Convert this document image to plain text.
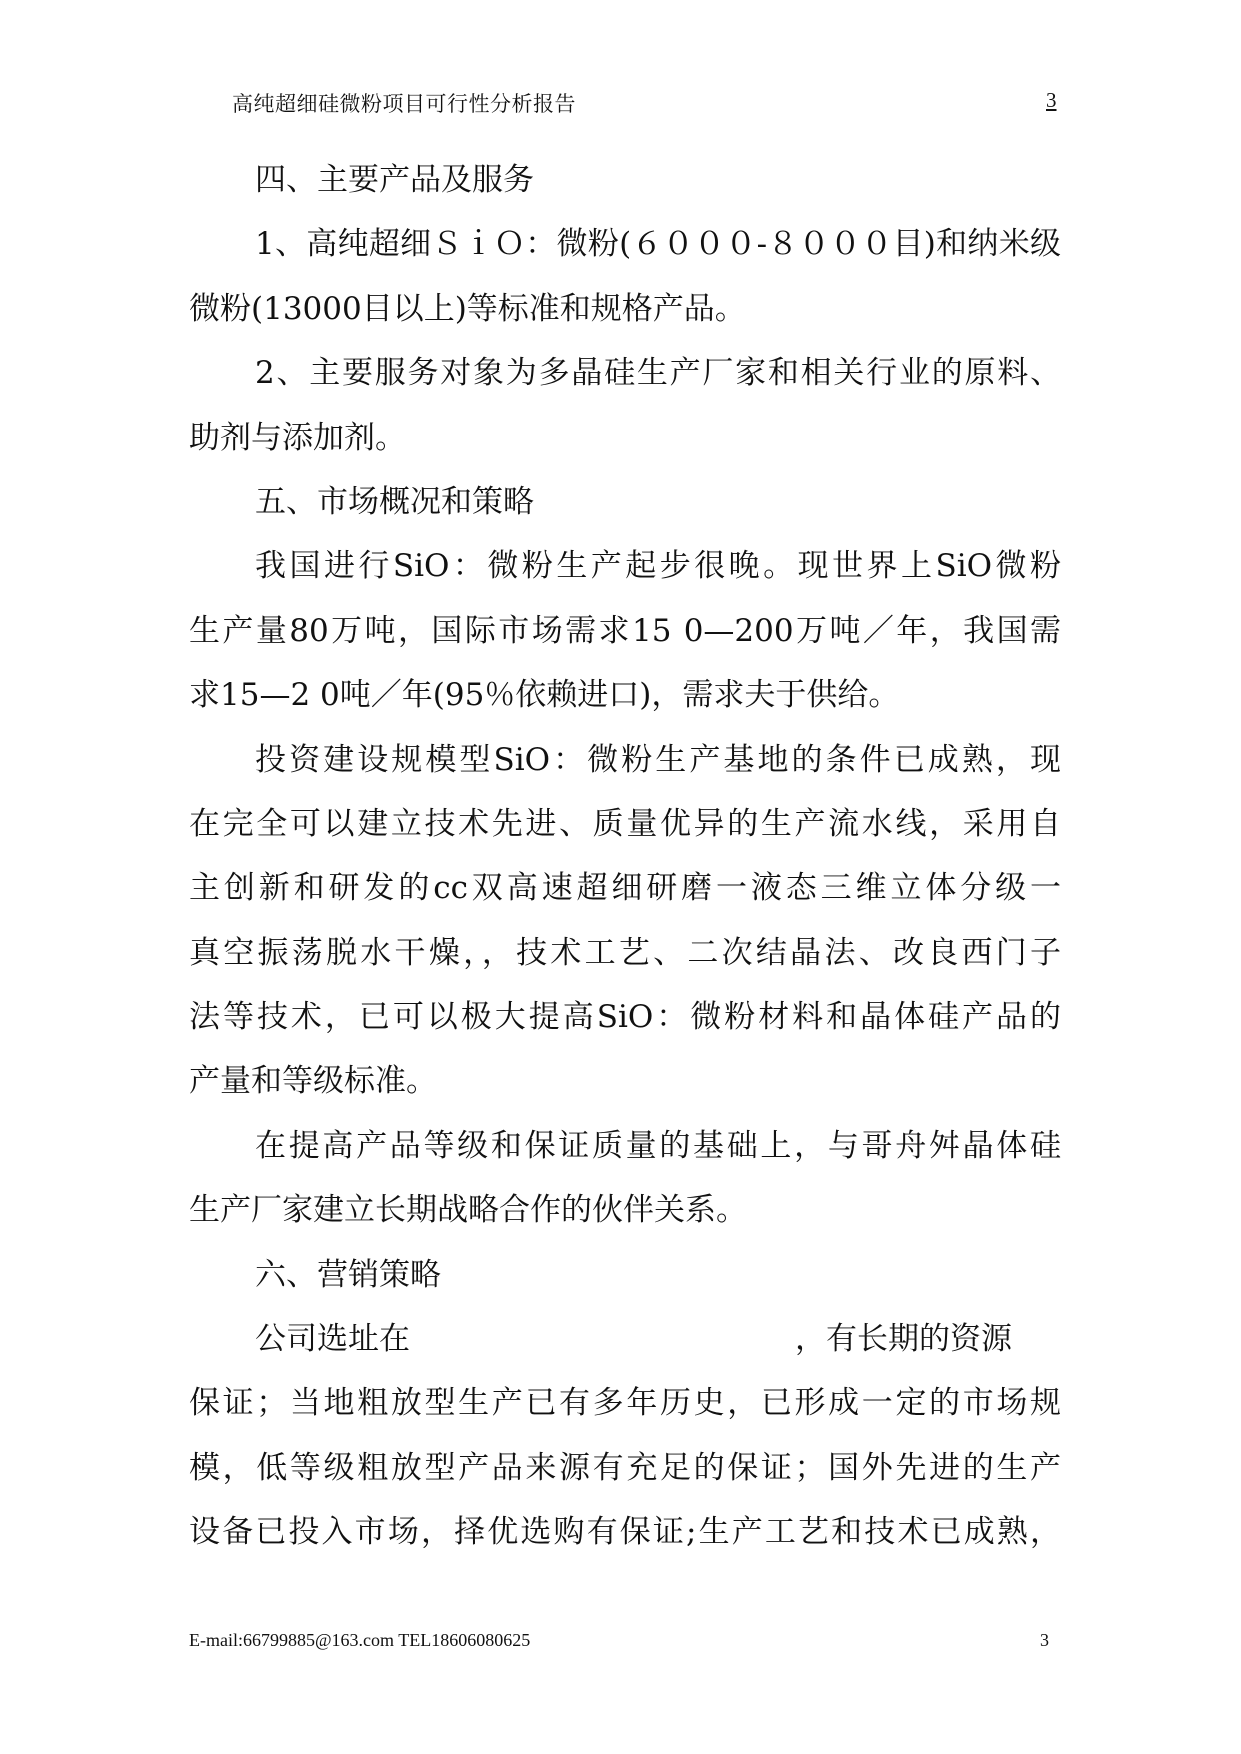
高纯超细硅微粉项目可行性分析报告	3
四、主要产品及服务
1、高纯超细ＳｉＯ：微粉(６０００-８０００目)和纳米级
微粉(13000目以上)等标准和规格产品。
2、主要服务对象为多晶硅生产厂家和相关行业的原料、
助剂与添加剂。
五、市场概况和策略
我国进行SiO：微粉生产起步很晚。现世界上SiO微粉
生产量80万吨，国际市场需求15 0—200万吨／年，我国需
求15—2 0吨／年(95％依赖进口)，需求夫于供给。
投资建设规模型SiO：微粉生产基地的条件已成熟，现
在完全可以建立技术先进、质量优异的生产流水线，采用自
主创新和研发的cc双高速超细研磨一液态三维立体分级一
真空振荡脱水干燥，，技术工艺、二次结晶法、改良西门子
法等技术，已可以极大提高SiO：微粉材料和晶体硅产品的
产量和等级标准。
在提高产品等级和保证质量的基础上，与哥舟舛晶体硅
生产厂家建立长期战略合作的伙伴关系。
六、营销策略
公司选址在	，有长期的资源
保证；当地粗放型生产已有多年历史，已形成一定的市场规
模，低等级粗放型产品来源有充足的保证；国外先进的生产
设备已投入市场，择优选购有保证;生产工艺和技术已成熟，
E-mail:66799885@163.com TEL18606080625	3
